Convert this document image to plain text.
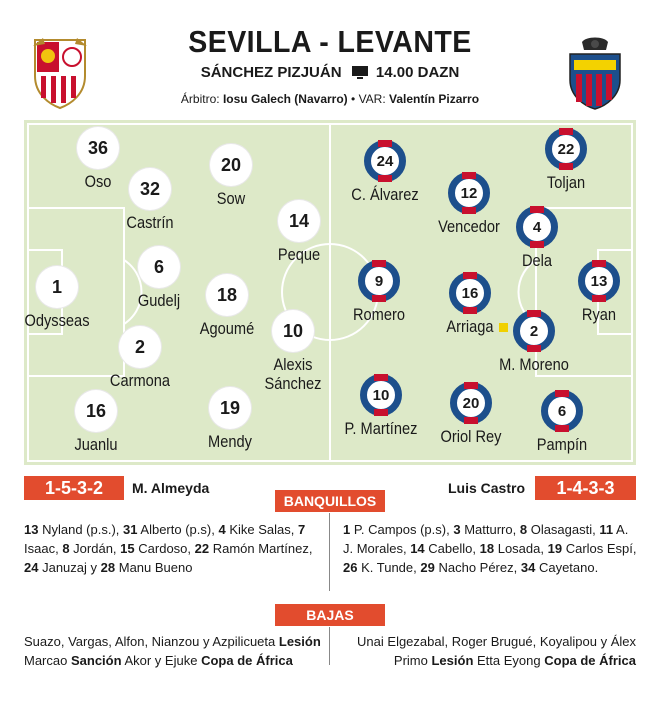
SEVILLA - LEVANTE
SÁNCHEZ PIZJUÁN 14.00 DAZN
Árbitro: Iosu Galech (Navarro) • VAR: Valentín Pizarro
36
Oso	32
Castrín
20
Sow
14
Peque
1
Odysseas
6
Gudelj	18
Agoumé	10
Alexis Sánchez
2
Carmona
16
Juanlu
19
Mendy
24
C. Álvarez
22
Toljan
12
Vencedor	4
Dela
9
Romero
16
Arriaga
13
Ryan
2
M. Moreno
10
P. Martínez
20
Oriol Rey
6
Pampín
1-5-3-2	M. Almeyda	Luis Castro	1-4-3-3
BANQUILLOS
13 Nyland (p.s.), 31 Alberto (p.s), 4 Kike Salas, 7 Isaac, 8 Jordán, 15 Cardoso, 22 Ramón Martínez, 24 Januzaj y 28 Manu Bueno
1 P. Campos (p.s), 3 Matturro, 8 Olasagasti, 11 A. J. Morales, 14 Cabello, 18 Losada, 19 Carlos Espí, 26 K. Tunde, 29 Nacho Pérez, 34 Cayetano.
BAJAS
Suazo, Vargas, Alfon, Nianzou y Azpilicueta Lesión
Marcao Sanción Akor y Ejuke Copa de África
Unai Elgezabal, Roger Brugué, Koyalipou y Álex
Primo Lesión Etta Eyong Copa de África
